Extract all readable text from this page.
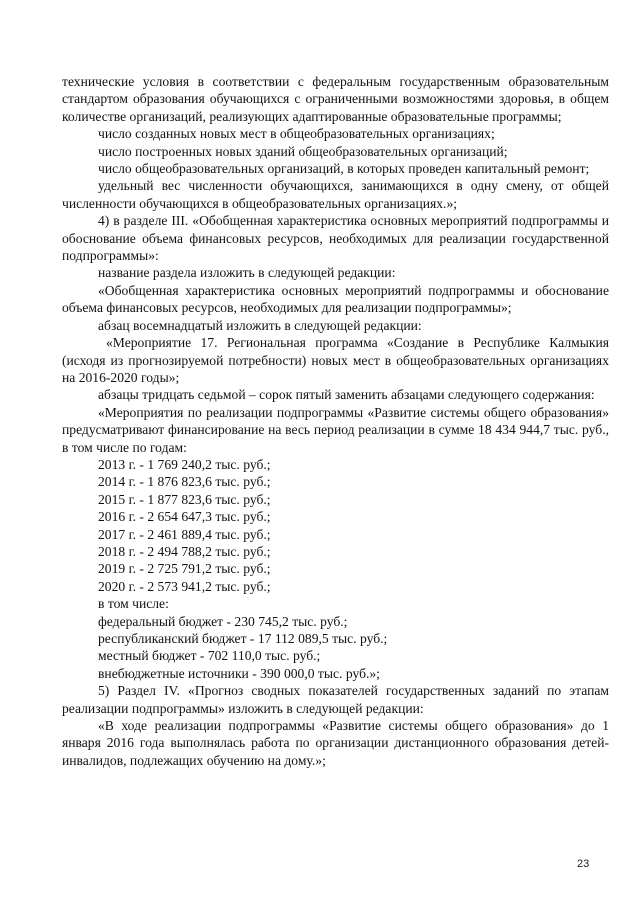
технические условия в соответствии с федеральным государственным образовательным стандартом образования обучающихся с ограниченными возможностями здоровья, в общем количестве организаций, реализующих адаптированные образовательные программы;

число созданных новых мест в общеобразовательных организациях;

число построенных новых зданий общеобразовательных организаций;

число общеобразовательных организаций, в которых проведен капитальный ремонт;

удельный вес численности обучающихся, занимающихся в одну смену, от общей численности обучающихся в общеобразовательных организациях.»;

4) в разделе III. «Обобщенная характеристика основных мероприятий подпрограммы и обоснование объема финансовых ресурсов, необходимых для реализации государственной подпрограммы»:

название раздела изложить в следующей редакции:

«Обобщенная характеристика основных мероприятий подпрограммы и обоснование объема финансовых ресурсов, необходимых для реализации подпрограммы»;

абзац восемнадцатый изложить в следующей редакции:

«Мероприятие 17. Региональная программа «Создание в Республике Калмыкия (исходя из прогнозируемой потребности) новых мест в общеобразовательных организациях на 2016-2020 годы»;

абзацы тридцать седьмой – сорок пятый заменить абзацами следующего содержания:

«Мероприятия по реализации подпрограммы «Развитие системы общего образования» предусматривают финансирование на весь период реализации в сумме 18 434 944,7 тыс. руб., в том числе по годам:

2013 г. - 1 769 240,2 тыс. руб.;

2014 г. - 1 876 823,6 тыс. руб.;

2015 г. - 1 877 823,6 тыс. руб.;

2016 г. - 2 654 647,3 тыс. руб.;

2017 г. - 2 461 889,4 тыс. руб.;

2018 г. - 2 494 788,2 тыс. руб.;

2019 г. - 2 725 791,2 тыс. руб.;

2020 г. - 2 573 941,2 тыс. руб.;

в том числе:

федеральный бюджет - 230 745,2 тыс. руб.;

республиканский бюджет - 17 112 089,5 тыс. руб.;

местный бюджет - 702 110,0 тыс. руб.;

внебюджетные источники - 390 000,0 тыс. руб.»;

5) Раздел IV. «Прогноз сводных показателей государственных заданий по этапам реализации подпрограммы» изложить в следующей редакции:

«В ходе реализации подпрограммы «Развитие системы общего образования» до 1 января 2016 года выполнялась работа по организации дистанционного образования детей-инвалидов, подлежащих обучению на дому.»;

23
